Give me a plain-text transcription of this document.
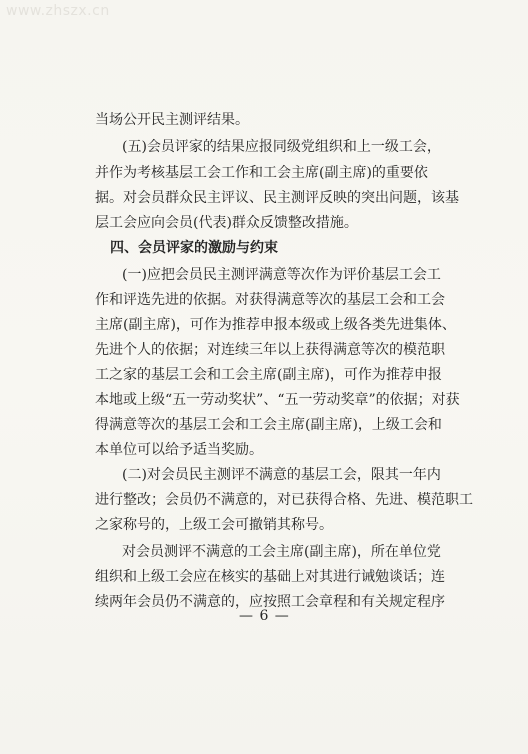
www.zhszx.cn
当场公开民主测评结果。
(五)会员评家的结果应报同级党组织和上一级工会，
并作为考核基层工会工作和工会主席(副主席)的重要依
据。对会员群众民主评议、民主测评反映的突出问题，该基
层工会应向会员(代表)群众反馈整改措施。
四、会员评家的激励与约束
(一)应把会员民主测评满意等次作为评价基层工会工
作和评选先进的依据。对获得满意等次的基层工会和工会
主席(副主席)，可作为推荐申报本级或上级各类先进集体、
先进个人的依据；对连续三年以上获得满意等次的模范职
工之家的基层工会和工会主席(副主席)，可作为推荐申报
本地或上级“五一劳动奖状”、“五一劳动奖章”的依据；对获
得满意等次的基层工会和工会主席(副主席)，上级工会和
本单位可以给予适当奖励。
(二)对会员民主测评不满意的基层工会，限其一年内
进行整改；会员仍不满意的，对已获得合格、先进、模范职工
之家称号的，上级工会可撤销其称号。
对会员测评不满意的工会主席(副主席)，所在单位党
组织和上级工会应在核实的基础上对其进行诫勉谈话；连
续两年会员仍不满意的，应按照工会章程和有关规定程序
— 6 —
